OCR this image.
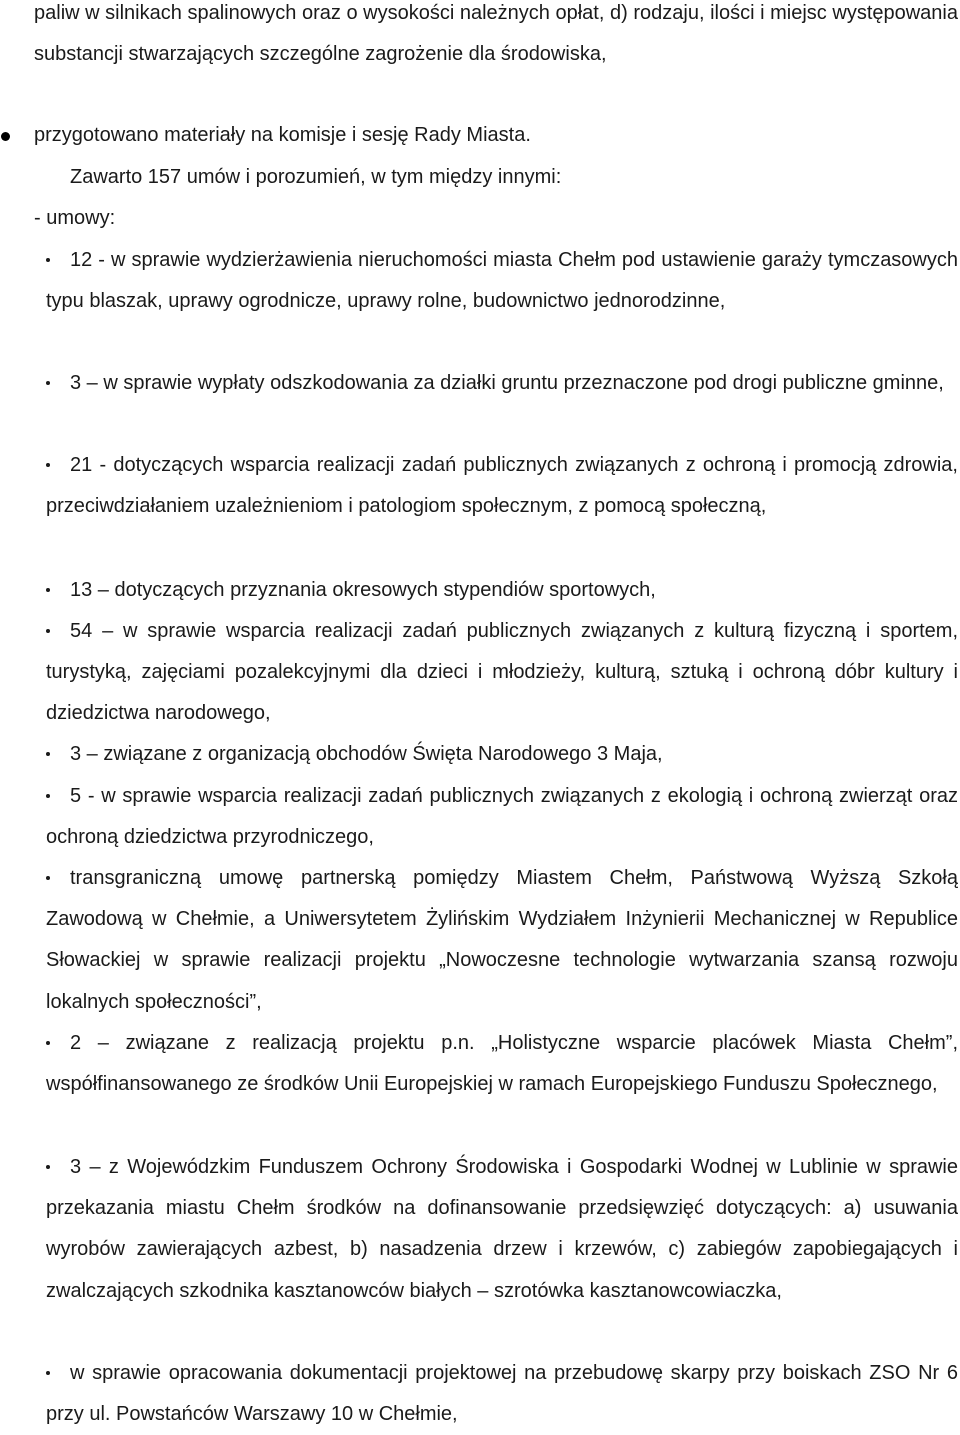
paliw w silnikach spalinowych oraz o wysokości należnych opłat, d) rodzaju, ilości i miejsc występowania substancji stwarzających szczególne zagrożenie dla środowiska,
przygotowano materiały na komisje i sesję Rady Miasta.
Zawarto 157 umów i porozumień, w tym między innymi:
- umowy:
12 - w sprawie wydzierżawienia nieruchomości miasta Chełm pod ustawienie garaży tymczasowych typu blaszak, uprawy ogrodnicze, uprawy rolne, budownictwo jednorodzinne,
3 – w sprawie wypłaty odszkodowania za działki gruntu przeznaczone pod drogi publiczne gminne,
21 - dotyczących wsparcia realizacji zadań publicznych związanych z ochroną i promocją zdrowia, przeciwdziałaniem uzależnieniom i patologiom społecznym, z pomocą społeczną,
13 – dotyczących przyznania okresowych stypendiów sportowych,
54 – w sprawie wsparcia realizacji zadań publicznych związanych z kulturą fizyczną i sportem, turystyką, zajęciami pozalekcyjnymi dla dzieci i młodzieży, kulturą, sztuką i ochroną dóbr kultury i dziedzictwa narodowego,
3 – związane z organizacją obchodów Święta Narodowego 3 Maja,
5 - w sprawie wsparcia realizacji zadań publicznych związanych z ekologią i ochroną zwierząt oraz ochroną dziedzictwa przyrodniczego,
transgraniczną umowę partnerską pomiędzy Miastem Chełm, Państwową Wyższą Szkołą Zawodową w Chełmie, a Uniwersytetem Żylińskim Wydziałem Inżynierii Mechanicznej w Republice Słowackiej w sprawie realizacji projektu „Nowoczesne technologie wytwarzania szansą rozwoju lokalnych społeczności”,
2 – związane z realizacją projektu p.n. „Holistyczne wsparcie placówek Miasta Chełm”, współfinansowanego ze środków Unii Europejskiej w ramach Europejskiego Funduszu Społecznego,
3 – z Wojewódzkim Funduszem Ochrony Środowiska i Gospodarki Wodnej w Lublinie w sprawie przekazania miastu Chełm środków na dofinansowanie przedsięwzięć dotyczących: a) usuwania wyrobów zawierających azbest, b) nasadzenia drzew i krzewów, c) zabiegów zapobiegających i zwalczających szkodnika kasztanowców białych – szrotówka kasztanowcowiaczka,
w sprawie opracowania dokumentacji projektowej na przebudowę skarpy przy boiskach ZSO Nr 6 przy ul. Powstańców Warszawy 10 w Chełmie,
